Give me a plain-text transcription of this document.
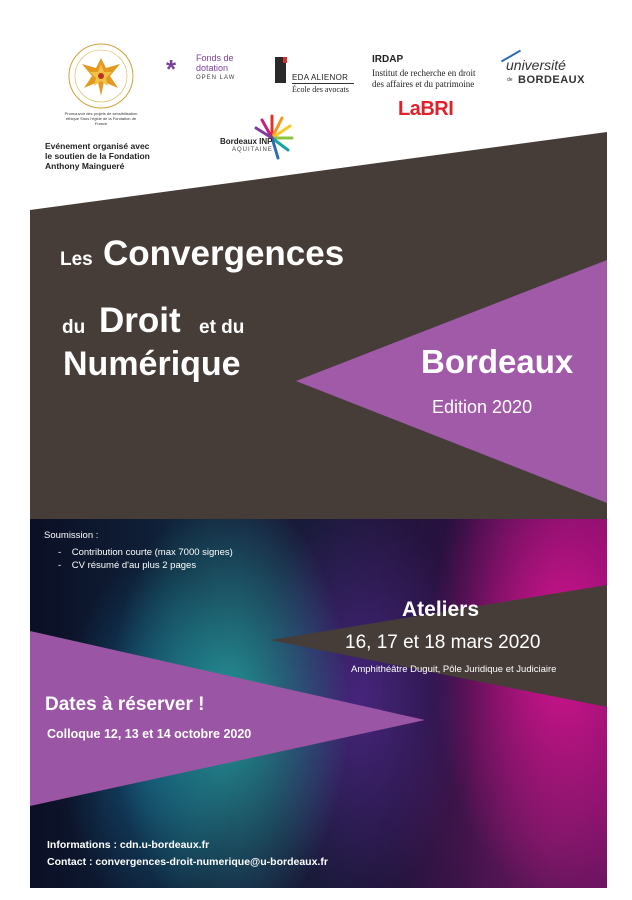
Promouvoir des projets de sensibilisation éthique Sous l'égide de la Fondation de France
* Fonds de
dotation
OPEN LAW	EDA ALIENOR
École des avocats
IRDAP
Institut de recherche en droit
des affaires et du patrimoine
université
de BORDEAUX
LaBRI
Evénement organisé avec le soutien de la Fondation Anthony Maingueré
Bordeaux INP
AQUITAINE
Les Convergences
du Droit et du
Numérique	Bordeaux
Edition 2020
Soumission :
-    Contribution courte (max 7000 signes)
-    CV résumé d'au plus 2 pages
Ateliers
16, 17 et 18 mars 2020
Amphithéâtre Duguit, Pôle Juridique et Judiciaire
Dates à réserver !
Colloque 12, 13 et 14 octobre 2020
Informations : cdn.u-bordeaux.fr
Contact : convergences-droit-numerique@u-bordeaux.fr
